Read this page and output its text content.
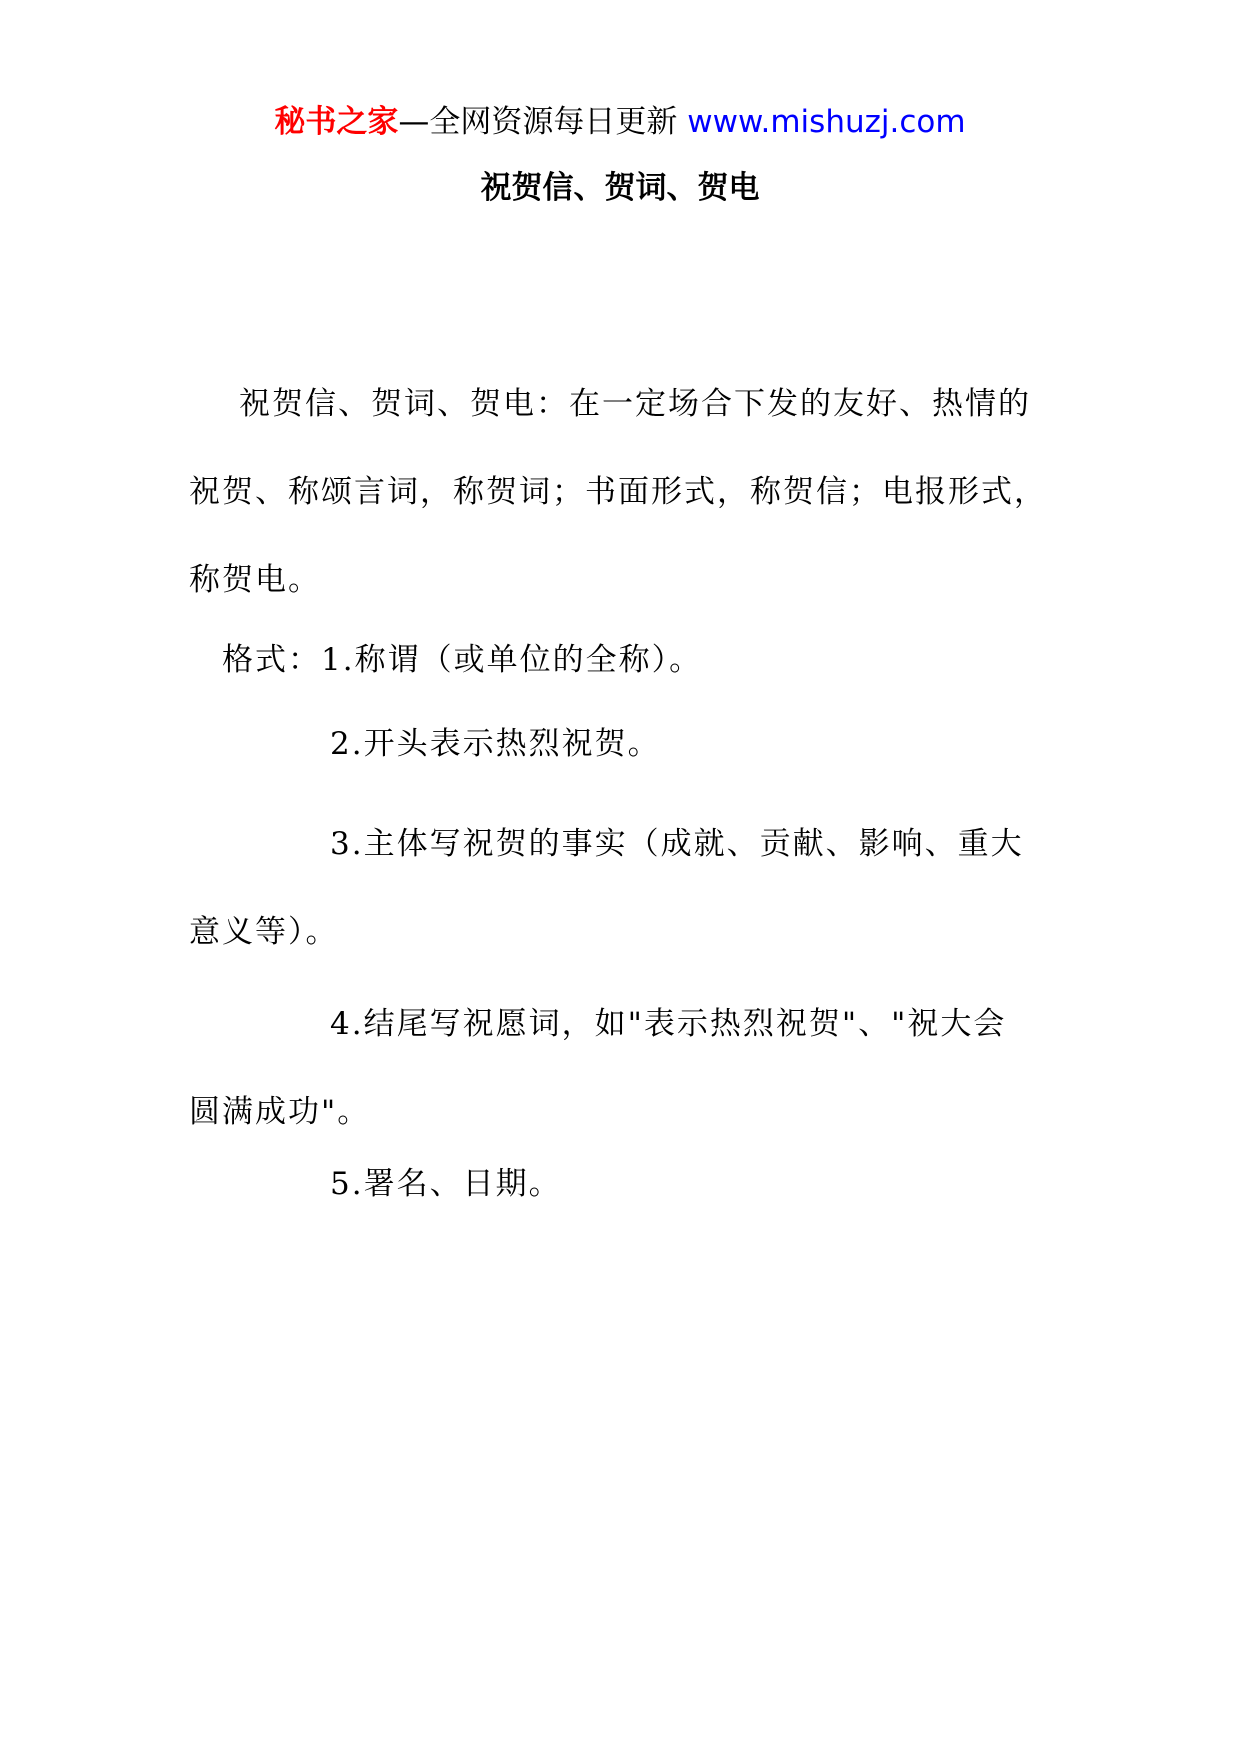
秘书之家—全网资源每日更新 www.mishuzj.com
祝贺信、贺词、贺电
祝贺信、贺词、贺电：在一定场合下发的友好、热情的
祝贺、称颂言词，称贺词；书面形式，称贺信；电报形式，
称贺电。
格式：1.称谓（或单位的全称）。
2.开头表示热烈祝贺。
3.主体写祝贺的事实（成就、贡献、影响、重大
意义等）。
4.结尾写祝愿词，如"表示热烈祝贺"、"祝大会
圆满成功"。
5.署名、日期。
